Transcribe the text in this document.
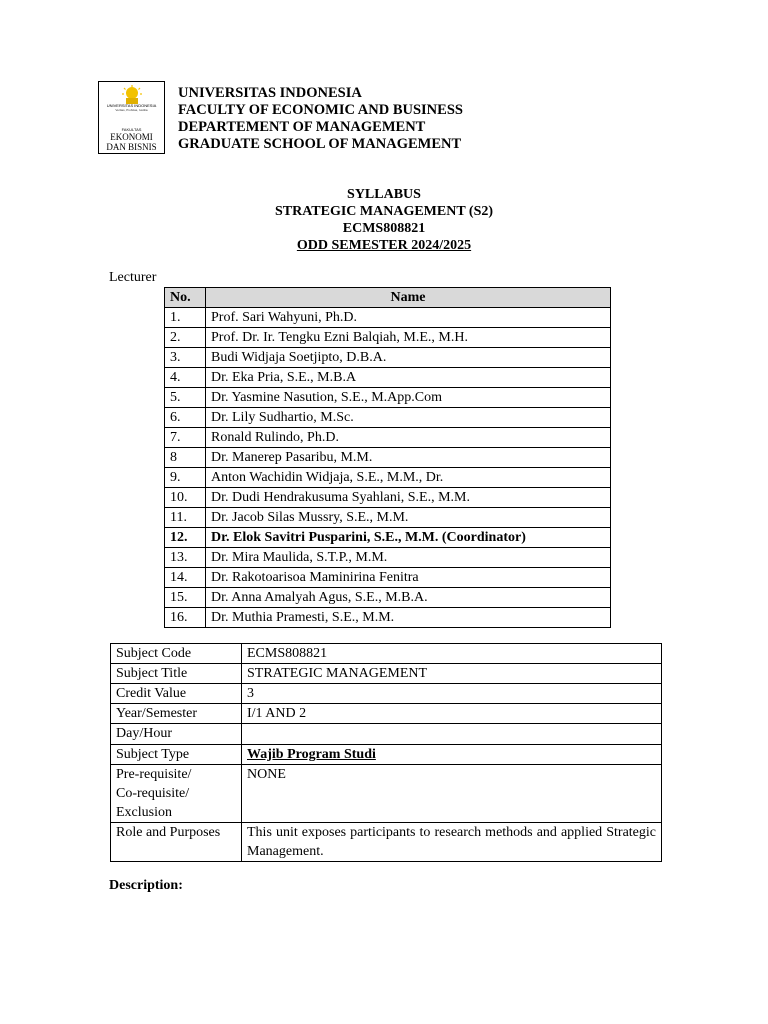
UNIVERSITAS INDONESIA
Veritas, Probitas, Iustitia
FAKULTAS
EKONOMI
DAN BISNIS
UNIVERSITAS INDONESIA
FACULTY OF ECONOMIC AND BUSINESS
DEPARTEMENT OF MANAGEMENT
GRADUATE SCHOOL OF MANAGEMENT
SYLLABUS
STRATEGIC MANAGEMENT (S2)
ECMS808821
ODD SEMESTER 2024/2025
Lecturer
No.	Name
1.	Prof. Sari Wahyuni, Ph.D.
2.	Prof. Dr. Ir. Tengku Ezni Balqiah, M.E., M.H.
3.	Budi Widjaja Soetjipto, D.B.A.
4.	Dr. Eka Pria, S.E., M.B.A
5.	Dr. Yasmine Nasution, S.E., M.App.Com
6.	Dr. Lily Sudhartio, M.Sc.
7.	Ronald Rulindo, Ph.D.
8	Dr. Manerep Pasaribu, M.M.
9.	Anton Wachidin Widjaja, S.E., M.M., Dr.
10.	Dr. Dudi Hendrakusuma Syahlani, S.E., M.M.
11.	Dr. Jacob Silas Mussry, S.E., M.M.
12.	Dr. Elok Savitri Pusparini, S.E., M.M. (Coordinator)
13.	Dr. Mira Maulida, S.T.P., M.M.
14.	Dr. Rakotoarisoa Maminirina Fenitra
15.	Dr. Anna Amalyah Agus, S.E., M.B.A.
16.	Dr. Muthia Pramesti, S.E., M.M.
Subject Code	ECMS808821
Subject Title	STRATEGIC MANAGEMENT
Credit Value	3
Year/Semester	I/1 AND 2
Day/Hour	
Subject Type	Wajib Program Studi

Pre-requisite/
Co-requisite/
Exclusion	NONE
Role and Purposes	This unit exposes participants to research methods and applied Strategic Management.
Description:
